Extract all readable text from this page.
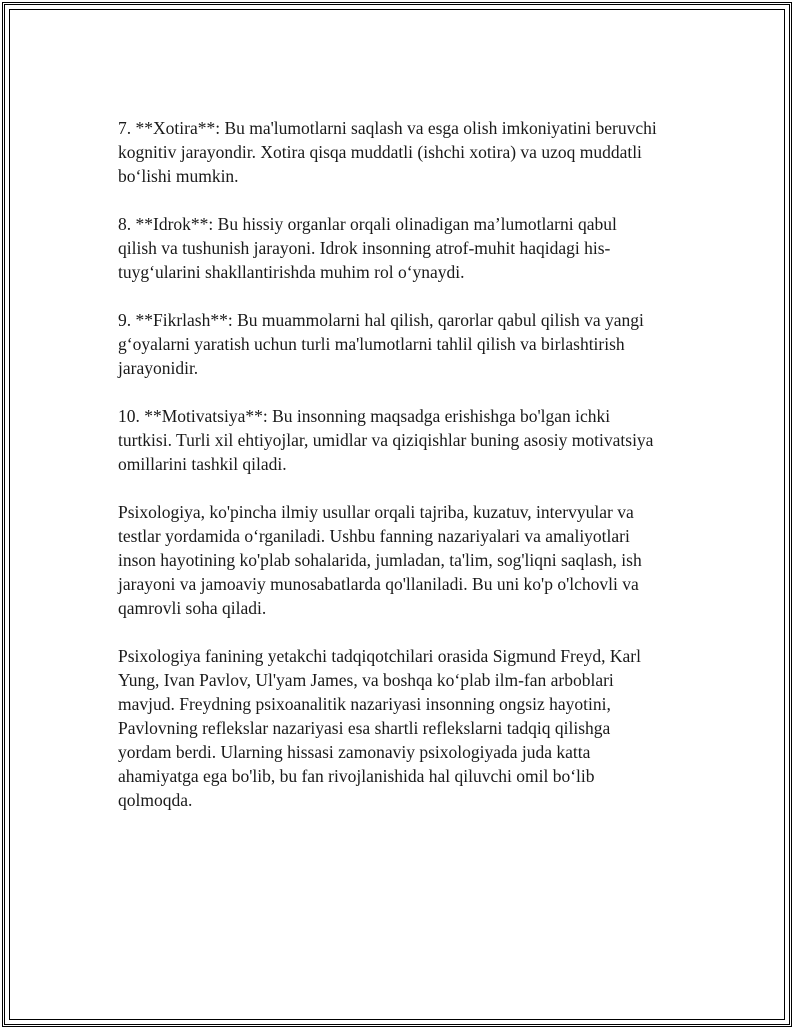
7. **Xotira**: Bu ma'lumotlarni saqlash va esga olish imkoniyatini beruvchi
kognitiv jarayondir. Xotira qisqa muddatli (ishchi xotira) va uzoq muddatli
bo‘lishi mumkin.

8. **Idrok**: Bu hissiy organlar orqali olinadigan ma’lumotlarni qabul
qilish va tushunish jarayoni. Idrok insonning atrof-muhit haqidagi his-
tuyg‘ularini shakllantirishda muhim rol o‘ynaydi.

9. **Fikrlash**: Bu muammolarni hal qilish, qarorlar qabul qilish va yangi
g‘oyalarni yaratish uchun turli ma'lumotlarni tahlil qilish va birlashtirish
jarayonidir.

10. **Motivatsiya**: Bu insonning maqsadga erishishga bo'lgan ichki
turtkisi. Turli xil ehtiyojlar, umidlar va qiziqishlar buning asosiy motivatsiya
omillarini tashkil qiladi.

Psixologiya, ko'pincha ilmiy usullar orqali tajriba, kuzatuv, intervyular va
testlar yordamida o‘rganiladi. Ushbu fanning nazariyalari va amaliyotlari
inson hayotining ko'plab sohalarida, jumladan, ta'lim, sog'liqni saqlash, ish
jarayoni va jamoaviy munosabatlarda qo'llaniladi. Bu uni ko'p o'lchovli va
qamrovli soha qiladi.

Psixologiya fanining yetakchi tadqiqotchilari orasida Sigmund Freyd, Karl
Yung, Ivan Pavlov, Ul'yam James, va boshqa ko‘plab ilm-fan arboblari
mavjud. Freydning psixoanalitik nazariyasi insonning ongsiz hayotini,
Pavlovning reflekslar nazariyasi esa shartli reflekslarni tadqiq qilishga
yordam berdi. Ularning hissasi zamonaviy psixologiyada juda katta
ahamiyatga ega bo'lib, bu fan rivojlanishida hal qiluvchi omil bo‘lib
qolmoqda.
